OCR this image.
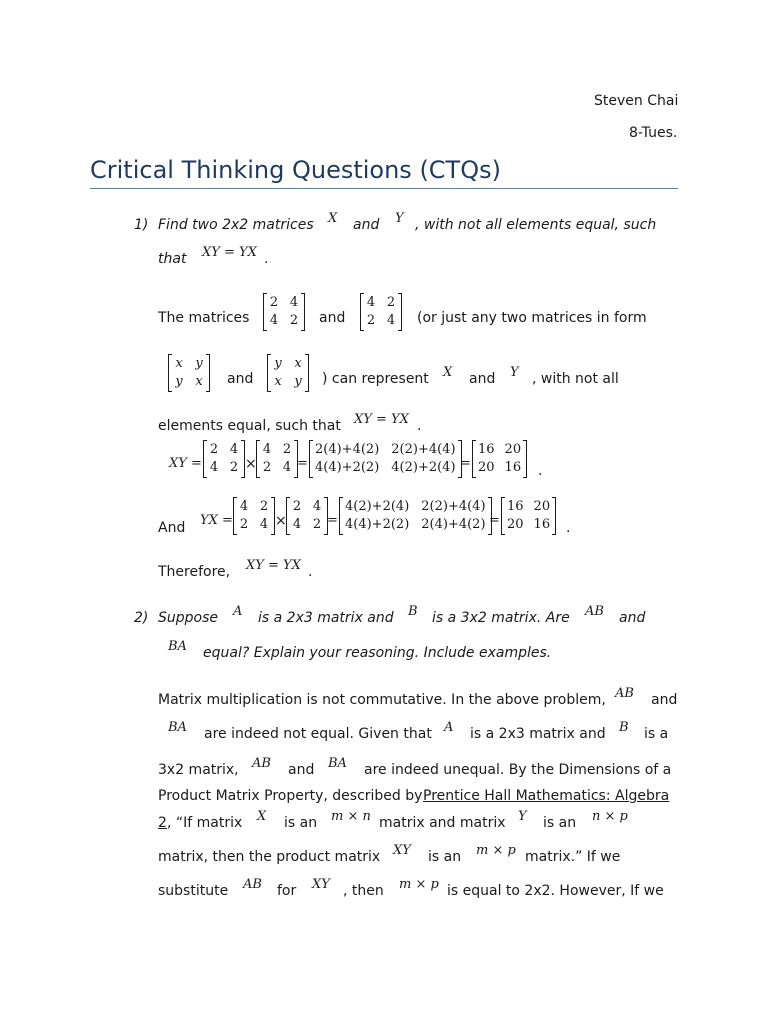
Steven Chai
8-Tues.
Critical Thinking Questions (CTQs)
1) Find two 2x2 matrices X and Y , with not all elements equal, such
that XY = YX .
The matrices
2 4
4 2 and
4 2
2 4 (or just any two matrices in form
x y
y x and
y x
x y ) can represent X and Y , with not all
elements equal, such that XY = YX .
XY =
2 4
4 2 ×
4 2
2 4 =
2(4)+4(2) 2(2)+4(4)
4(4)+2(2) 4(2)+2(4) =
16 20
20 16 .
And YX =
4 2
2 4 ×
2 4
4 2 =
4(2)+2(4) 2(2)+4(4)
4(4)+2(2) 2(4)+4(2) =
16 20
20 16 .
Therefore, XY = YX .
2) Suppose A is a 2x3 matrix and B is a 3x2 matrix. Are AB and
BA equal? Explain your reasoning. Include examples.
Matrix multiplication is not commutative. In the above problem, AB and
BA are indeed not equal. Given that A is a 2x3 matrix and B is a
3x2 matrix, AB and BA are indeed unequal. By the Dimensions of a
Product Matrix Property, described by Prentice Hall Mathematics: Algebra
2 , “If matrix X is an m × n matrix and matrix Y is an n × p
matrix, then the product matrix XY is an m × p matrix.” If we
substitute AB for XY , then m × p is equal to 2x2. However, If we
